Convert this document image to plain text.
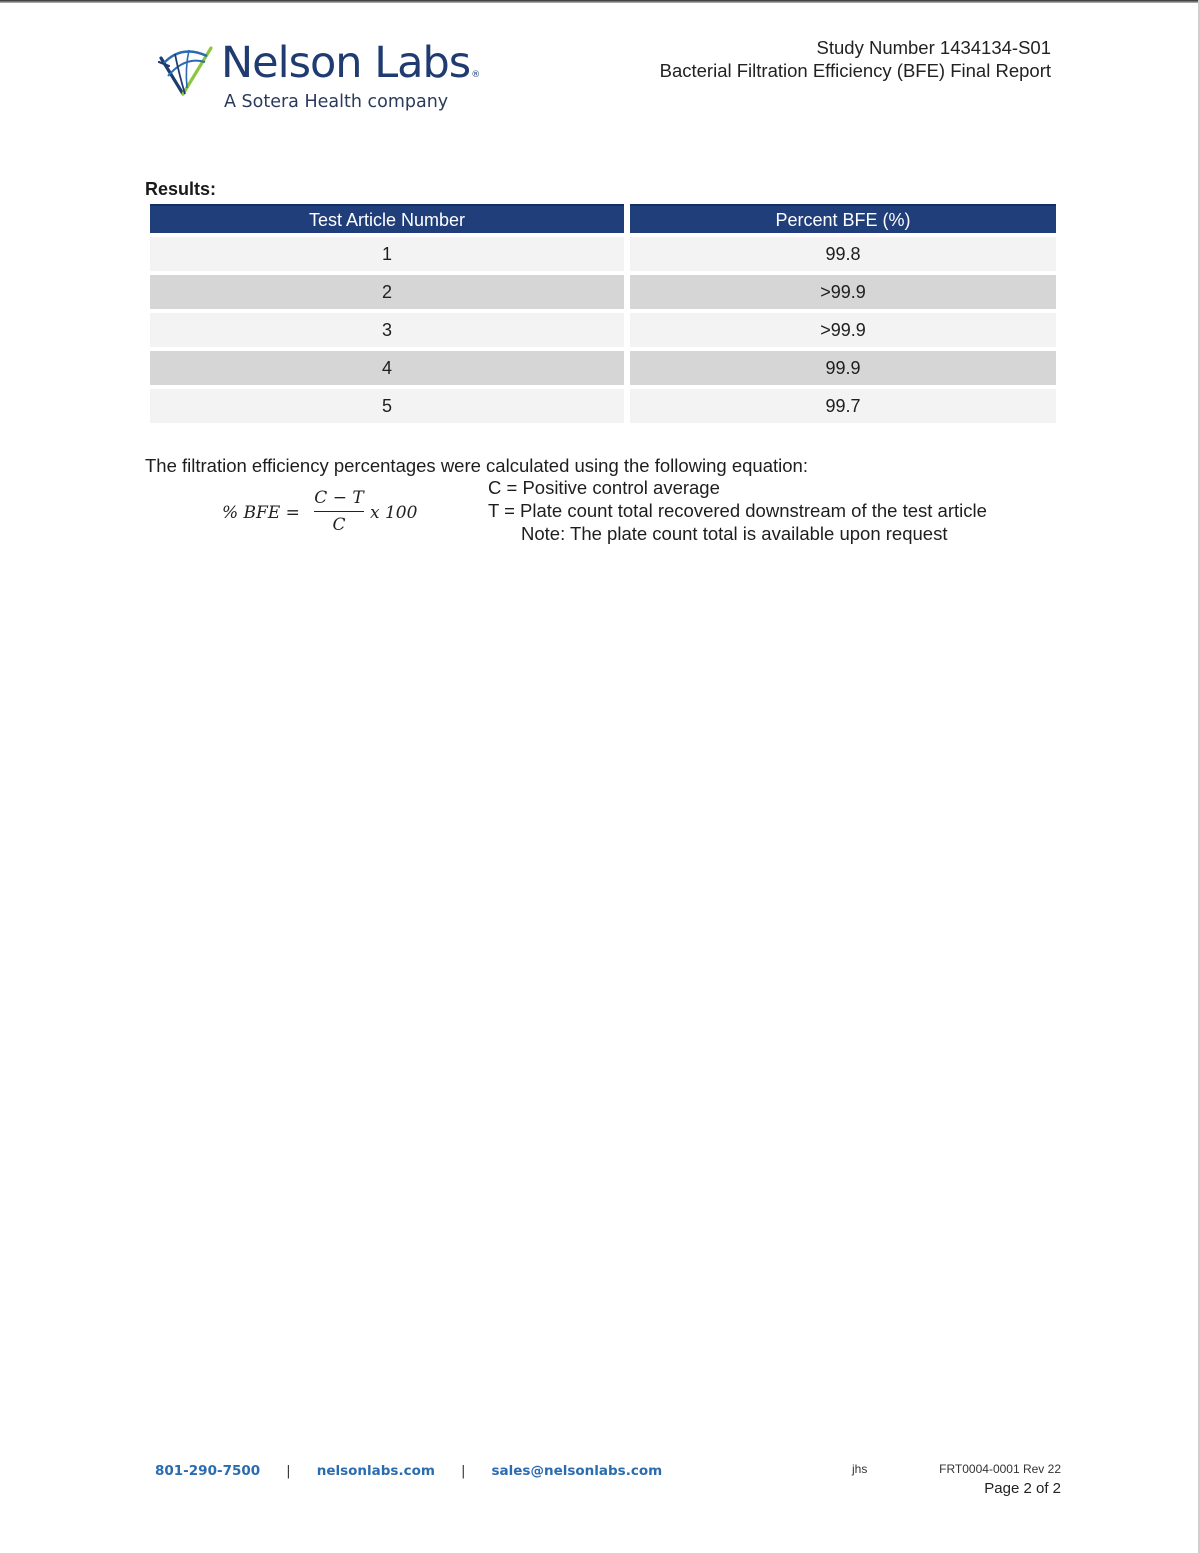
Nelson Labs®
A Sotera Health company
Study Number 1434134-S01
Bacterial Filtration Efficiency (BFE) Final Report
Results:
Test Article Number	Percent BFE (%)
1	99.8
2	>99.9
3	>99.9
4	99.9
5	99.7
The filtration efficiency percentages were calculated using the following equation:
% BFE =
C − T
C
x 100
C = Positive control average
T = Plate count total recovered downstream of the test article
Note: The plate count total is available upon request
801-290-7500 | nelsonlabs.com | sales@nelsonlabs.com	jhs	FRT0004-0001 Rev 22
Page 2 of 2
